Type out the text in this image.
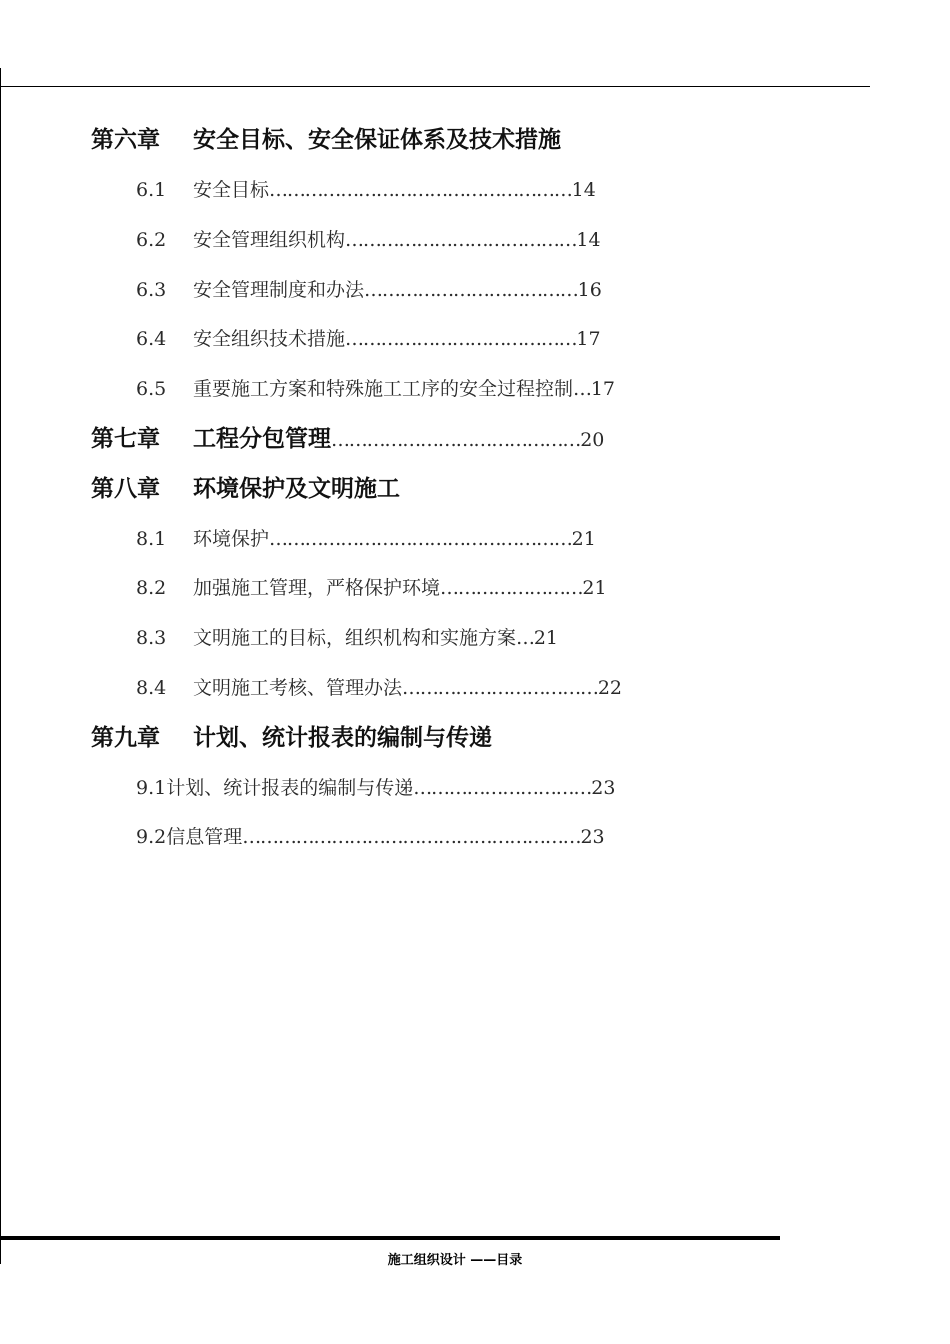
第六章 安全目标、安全保证体系及技术措施
6.1 安全目标……………………………………………14
6.2 安全管理组织机构…………………………………14
6.3 安全管理制度和办法………………………………16
6.4 安全组织技术措施…………………………………17
6.5 重要施工方案和特殊施工工序的安全过程控制…17
第七章 工程分包管理……………………………………20
第八章 环境保护及文明施工
8.1 环境保护……………………………………………21
8.2 加强施工管理，严格保护环境……………………21
8.3 文明施工的目标，组织机构和实施方案…21
8.4 文明施工考核、管理办法……………………………22
第九章 计划、统计报表的编制与传递
9.1计划、统计报表的编制与传递…………………………23
9.2信息管理…………………………………………………23
施工组织设计 ——目录
